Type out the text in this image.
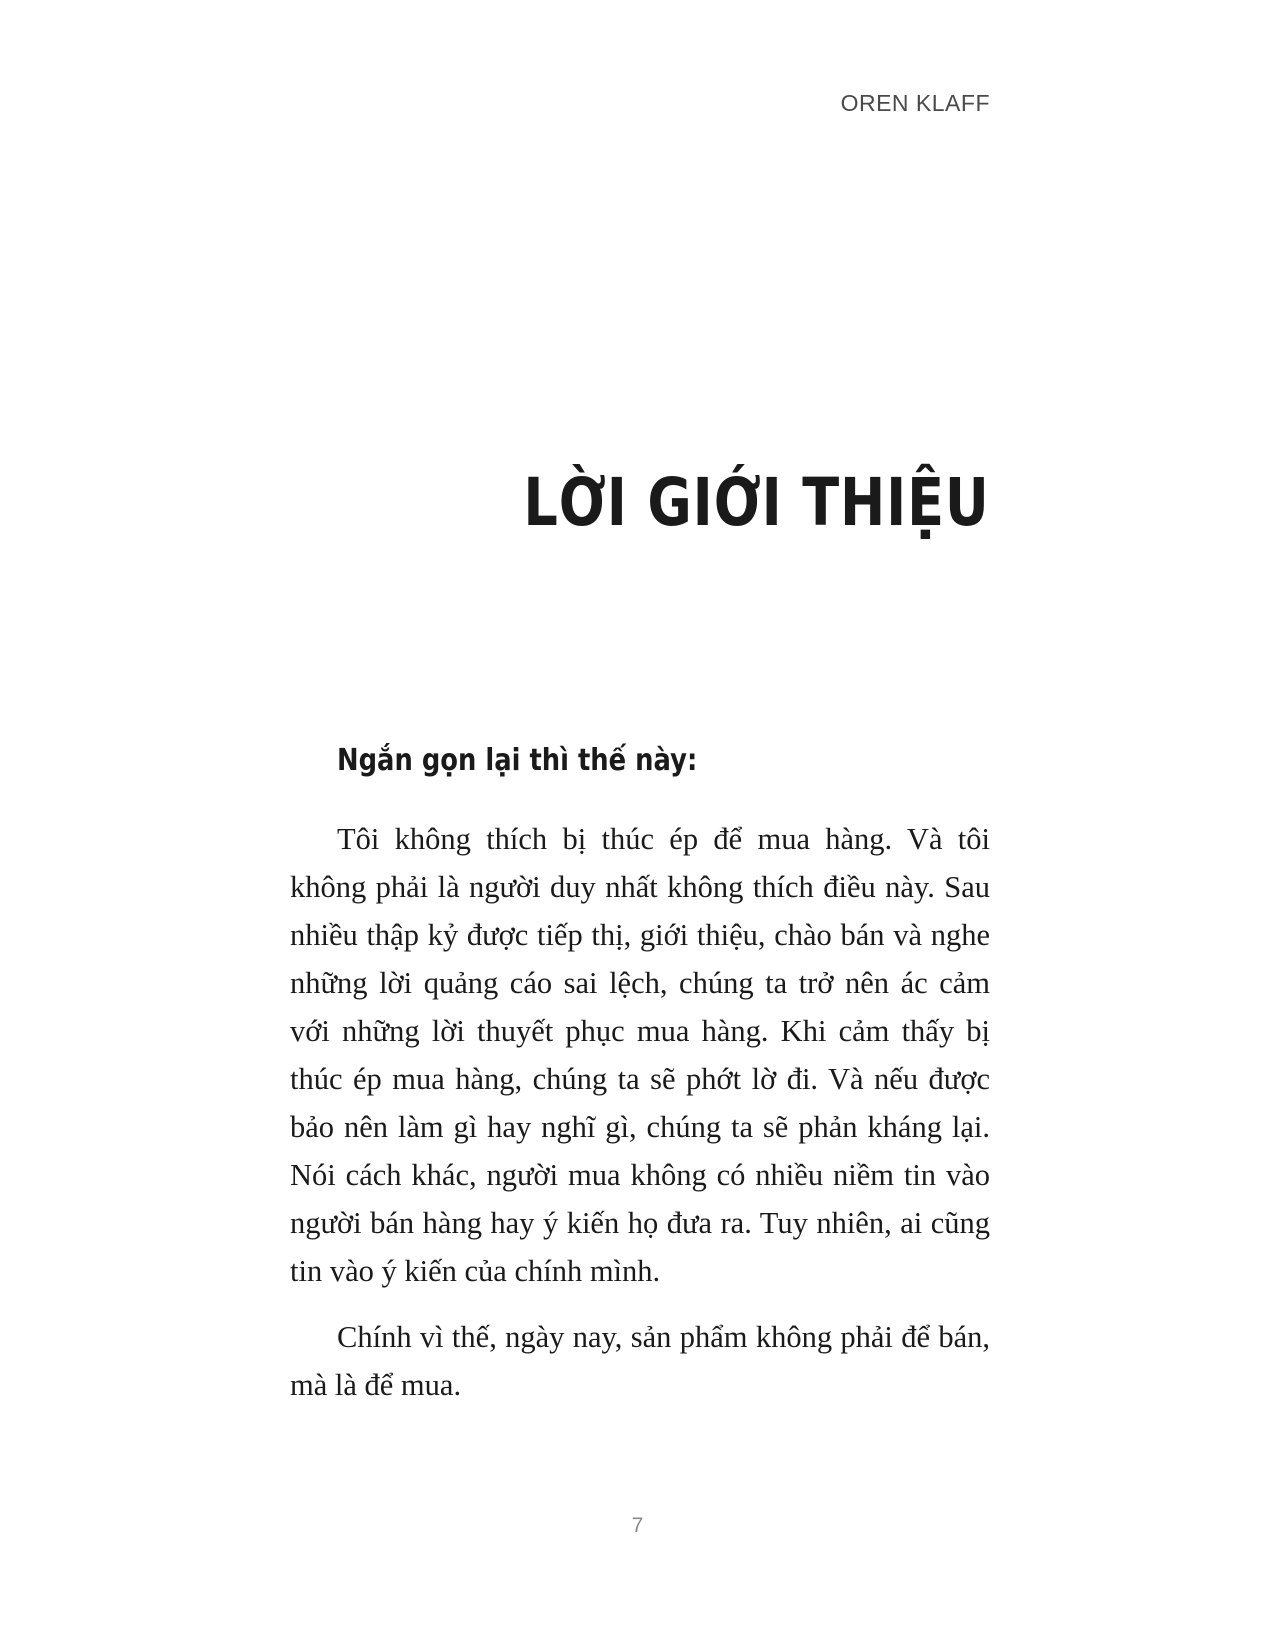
OREN KLAFF
LỜI GIỚI THIỆU

Ngắn gọn lại thì thế này:

Tôi không thích bị thúc ép để mua hàng. Và tôi không phải là người duy nhất không thích điều này. Sau nhiều thập kỷ được tiếp thị, giới thiệu, chào bán và nghe những lời quảng cáo sai lệch, chúng ta trở nên ác cảm với những lời thuyết phục mua hàng. Khi cảm thấy bị thúc ép mua hàng, chúng ta sẽ phớt lờ đi. Và nếu được bảo nên làm gì hay nghĩ gì, chúng ta sẽ phản kháng lại. Nói cách khác, người mua không có nhiều niềm tin vào người bán hàng hay ý kiến họ đưa ra. Tuy nhiên, ai cũng tin vào ý kiến của chính mình.

Chính vì thế, ngày nay, sản phẩm không phải để bán, mà là để mua.

7
